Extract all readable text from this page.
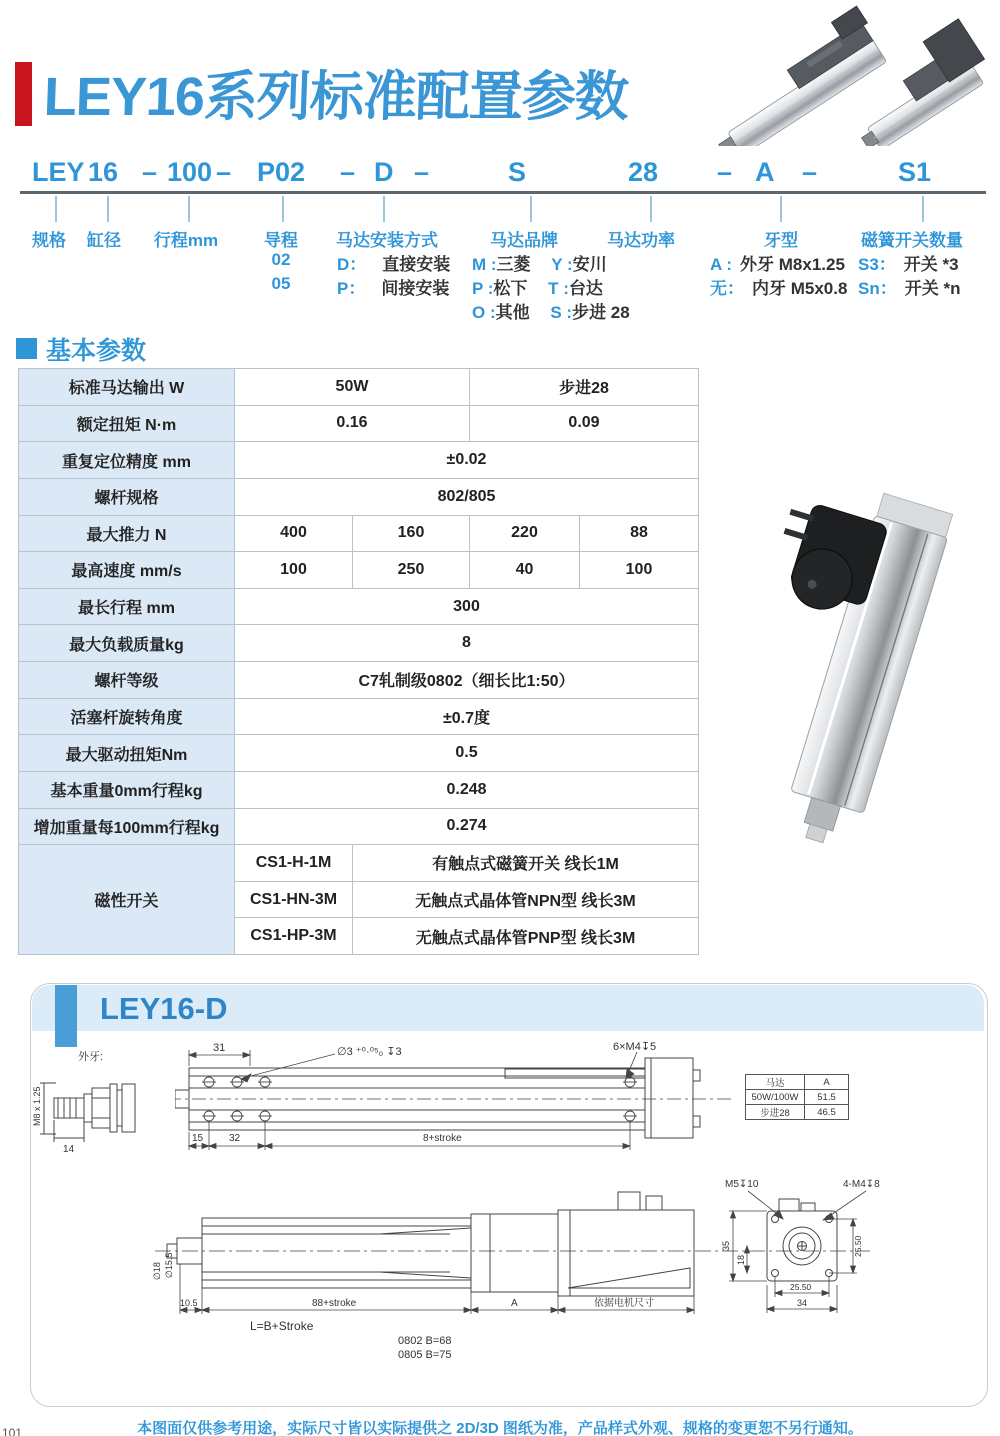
LEY16系列标准配置参数
LEY 16 – 100 – P02 – D –	S	28 – A –	S1
规格 缸径 行程mm	导程 马达安装方式	马达品牌	马达功率	牙型	磁簧开关数量
02
05
D： 直接安装
P： 间接安装
M :三菱 Y :安川
P :松下 T :台达
O :其他 S :步进 28
A : 外牙 M8x1.25
无： 内牙 M5x0.8
S3： 开关 *3
Sn： 开关 *n
基本参数
标准马达输出 W	50W		步进28	
额定扭矩 N·m	0.16		0.09	
重复定位精度 mm	±0.02			
螺杆规格	802/805			
最大推力 N	400	160	220	88
最高速度 mm/s	100	250	40	100
最长行程 mm	300			
最大负载质量kg	8			
螺杆等级	C7轧制级0802（细长比1:50）			
活塞杆旋转角度	±0.7度			
最大驱动扭矩Nm	0.5			
基本重量0mm行程kg	0.248			
增加重量每100mm行程kg	0.274			
磁性开关	CS1-H-1M	有触点式磁簧开关 线长1M		
	CS1-HN-3M	无触点式晶体管NPN型 线长3M		
	CS1-HP-3M	无触点式晶体管PNP型 线长3M		
LEY16-D
外牙:
M8 x 1.25
14
31	∅3 ⁺⁰·⁰⁵₀ ↧3	6×M4↧5
15	32	8+stroke
马达	A
50W/100W	51.5
步进28	46.5
∅18 ∅15.5
10.5	88+stroke	A	依据电机尺寸
L=B+Stroke
0802 B=68
0805 B=75
M5↧10	4-M4↧8
35
18
25.50
25.50
34
本图面仅供参考用途，实际尺寸皆以实际提供之 2D/3D 图纸为准，产品样式外观、规格的变更恕不另行通知。
101
